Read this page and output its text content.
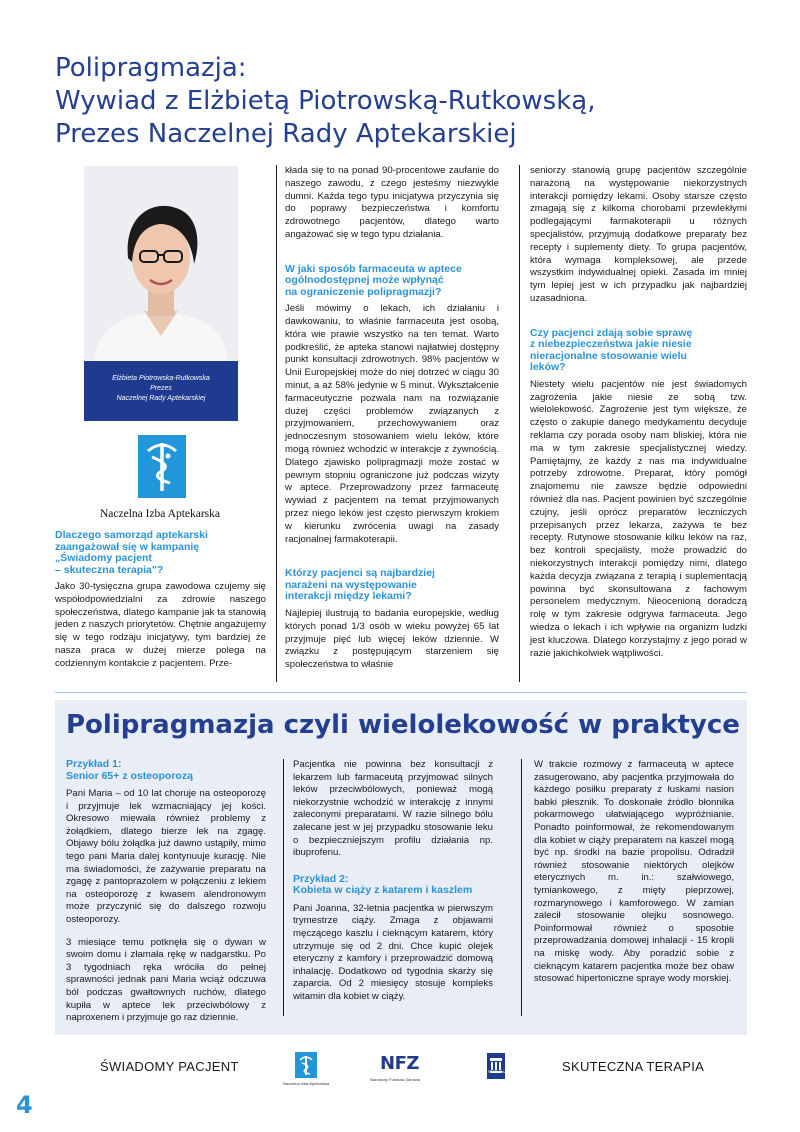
Polipragmazja:
Wywiad z Elżbietą Piotrowską-Rutkowską,
Prezes Naczelnej Rady Aptekarskiej
Elżbieta Piotrowska-Rutkowska
Prezes
Naczelnej Rady Aptekarskiej
Naczelna Izba Aptekarska
Dlaczego samorząd aptekarski
zaangażował się w kampanię
„Świadomy pacjent
– skuteczna terapia"?

Jako 30-tysięczna grupa zawodowa czujemy się współodpowiedzialni za zdrowie naszego społeczeństwa, dlatego kampanie jak ta stanowią jeden z naszych priorytetów. Chętnie angażujemy się w tego rodzaju inicjatywy, tym bardziej że nasza praca w dużej mierze polega na codziennym kontakcie z pacjentem. Prze-

kłada się to na ponad 90-procentowe zaufanie do naszego zawodu, z czego jesteśmy niezwykle dumni. Każda tego typu inicjatywa przyczynia się do poprawy bezpieczeństwa i komfortu zdrowotnego pacjentów, dlatego warto angażować się w tego typu działania.

W jaki sposób farmaceuta w aptece
ogólnodostępnej może wpłynąć
na ograniczenie polipragmazji?

Jeśli mówimy o lekach, ich działaniu i dawkowaniu, to właśnie farmaceuta jest osobą, która wie prawie wszystko na ten temat. Warto podkreślić, że apteka stanowi najłatwiej dostępny punkt konsultacji zdrowotnych. 98% pacjentów w Unii Europejskiej może do niej dotrzeć w ciągu 30 minut, a aż 58% jedynie w 5 minut. Wykształcenie farmaceutyczne pozwala nam na rozwiązanie dużej części problemów związanych z przyjmowaniem, przechowywaniem oraz jednoczesnym stosowaniem wielu leków, które mogą również wchodzić w interakcje z żywnością. Dlatego zjawisko polipragmazji może zostać w pewnym stopniu ograniczone już podczas wizyty w aptece. Przeprowadzony przez farmaceutę wywiad z pacjentem na temat przyjmowanych przez niego leków jest często pierwszym krokiem w kierunku zwrócenia uwagi na zasady racjonalnej farmakoterapii.

Którzy pacjenci są najbardziej
narażeni na występowanie
interakcji między lekami?

Najlepiej ilustrują to badania europejskie, według których ponad 1/3 osób w wieku powyżej 65 lat przyjmuje pięć lub więcej leków dziennie. W związku z postępującym starzeniem się społeczeństwa to właśnie

seniorzy stanowią grupę pacjentów szczególnie narażoną na występowanie niekorzystnych interakcji pomiędzy lekami. Osoby starsze często zmagają się z kilkoma chorobami przewlekłymi podlegającymi farmakoterapii u różnych specjalistów, przyjmują dodatkowe preparaty bez recepty i suplementy diety. To grupa pacjentów, która wymaga kompleksowej, ale przede wszystkim indywidualnej opieki. Zasada im mniej tym lepiej jest w ich przypadku jak najbardziej uzasadniona.

Czy pacjenci zdają sobie sprawę
z niebezpieczeństwa jakie niesie
nieracjonalne stosowanie wielu
leków?

Niestety wielu pacjentów nie jest świadomych zagrożenia jakie niesie ze sobą tzw. wielolekowość. Zagrożenie jest tym większe, że często o zakupie danego medykamentu decyduje reklama czy porada osoby nam bliskiej, która nie ma w tym zakresie specjalistycznej wiedzy. Pamiętajmy, że każdy z nas ma indywidualne potrzeby zdrowotne. Preparat, który pomógł znajomemu nie zawsze będzie odpowiedni również dla nas. Pacjent powinien być szczególnie czujny, jeśli oprócz preparatów leczniczych przepisanych przez lekarza, zażywa te bez recepty. Rutynowe stosowanie kilku leków na raz, bez kontroli specjalisty, może prowadzić do niekorzystnych interakcji pomiędzy nimi, dlatego każda decyzja związana z terapią i suplementacją powinna być skonsultowana z fachowym personelem medycznym. Nieocenioną doradczą rolę w tym zakresie odgrywa farmaceuta. Jego wiedza o lekach i ich wpływie na organizm ludzki jest kluczowa. Dlatego korzystajmy z jego porad w razie jakichkolwiek wątpliwości.

Polipragmazja czyli wielolekowość w praktyce
Przykład 1:
Senior 65+ z osteoporozą

Pani Maria – od 10 lat choruje na osteoporozę i przyjmuje lek wzmacniający jej kości. Okresowo miewała również problemy z żołądkiem, dlatego bierze lek na zgagę. Objawy bólu żołądka już dawno ustąpiły, mimo tego pani Maria dalej kontynuuje kurację. Nie ma świadomości, że zażywanie preparatu na zgagę z pantoprazolem w połączeniu z lekiem na osteoporozę z kwasem alendronowym może przyczynić się do dalszego rozwoju osteoporozy.

3 miesiące temu potknęła się o dywan w swoim domu i złamała rękę w nadgarstku. Po 3 tygodniach ręka wróciła do pełnej sprawności jednak pani Maria wciąż odczuwa ból podczas gwałtownych ruchów, dlatego kupiła w aptece lek przeciwbólowy z naproxenem i przyjmuje go raz dziennie.

Pacjentka nie powinna bez konsultacji z lekarzem lub farmaceutą przyjmować silnych leków przeciwbólowych, ponieważ mogą niekorzystnie wchodzić w interakcję z innymi zaleconymi preparatami. W razie silnego bólu zalecane jest w jej przypadku stosowanie leku o bezpieczniejszym profilu działania np. ibuprofenu.

Przykład 2:
Kobieta w ciąży z katarem i kaszlem

Pani Joanna, 32-letnia pacjentka w pierwszym trymestrze ciąży. Zmaga z objawami męczącego kaszlu i cieknącym katarem, który utrzymuje się od 2 dni. Chce kupić olejek eteryczny z kamfory i przeprowadzić domową inhalację. Dodatkowo od tygodnia skarży się zaparcia. Od 2 miesięcy stosuje kompleks witamin dla kobiet w ciąży.

W trakcie rozmowy z farmaceutą w aptece zasugerowano, aby pacjentka przyjmowała do każdego posiłku preparaty z łuskami nasion babki płesznik. To doskonałe źródło błonnika pokarmowego ułatwiającego wypróżnianie. Ponadto poinformował, że rekomendowanym dla kobiet w ciąży preparatem na kaszel mogą być np. środki na bazie propolisu. Odradził również stosowanie niektórych olejków eterycznych m. in.: szałwiowego, tymiankowego, z mięty pieprzowej, rozmarynowego i kamforowego. W zamian zalecił stosowanie olejku sosnowego. Poinformował również o sposobie przeprowadzania domowej inhalacji - 15 kropli na miskę wody. Aby poradzić sobie z cieknącym katarem pacjentka może bez obaw stosować hipertoniczne spraye wody morskiej.

ŚWIADOMY PACJENT
Naczelna Izba Aptekarska
NFZ
Narodowy Fundusz Zdrowia
PATRONAT	SKUTECZNA TERAPIA
4
